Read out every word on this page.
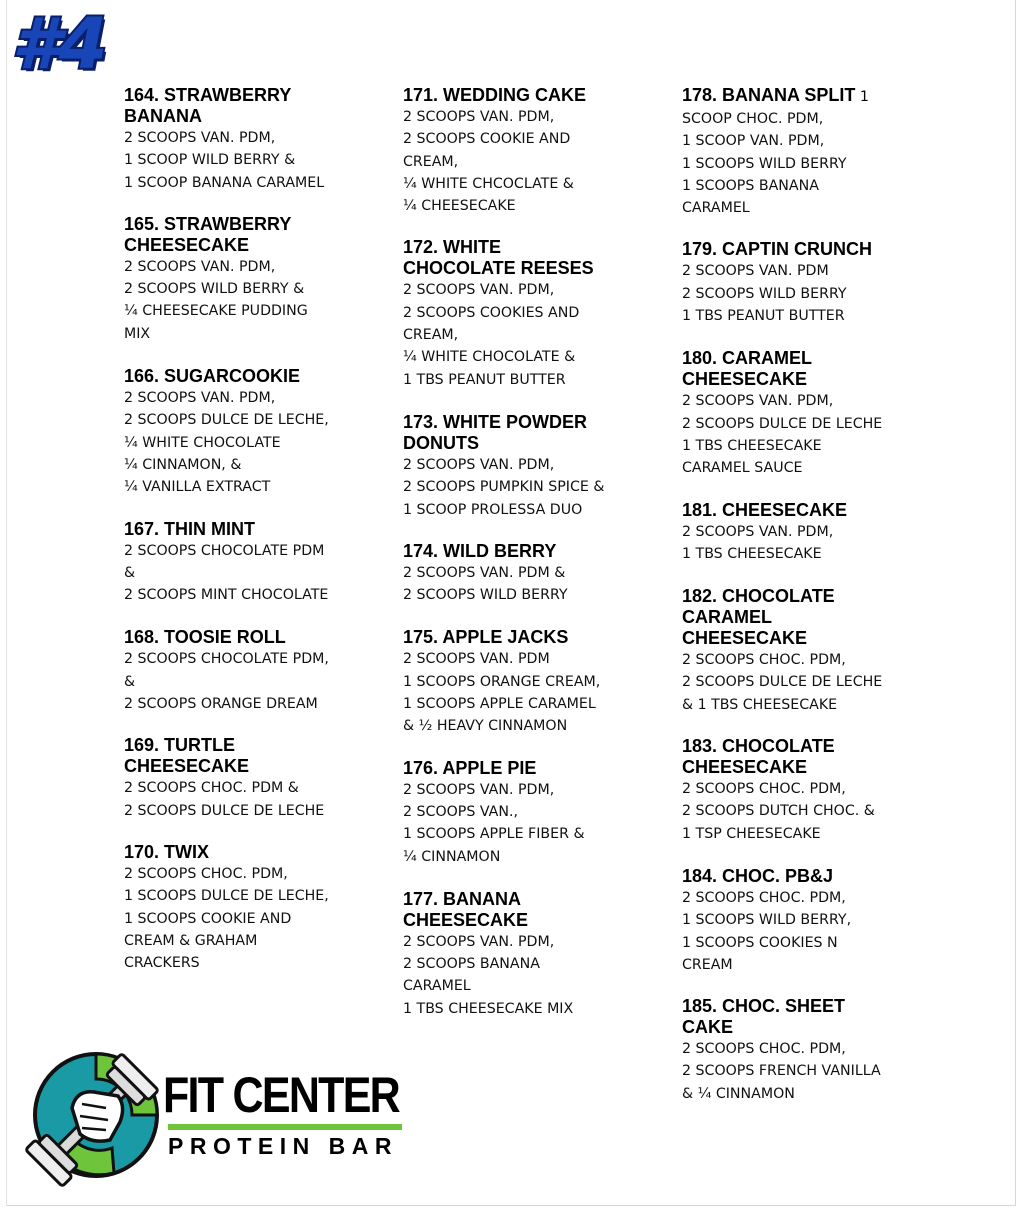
#4
164. STRAWBERRY
BANANA
2 SCOOPS VAN. PDM,
1 SCOOP WILD BERRY &
1 SCOOP BANANA CARAMEL
165. STRAWBERRY
CHEESECAKE
2 SCOOPS VAN. PDM,
2 SCOOPS WILD BERRY &
¼ CHEESECAKE PUDDING
MIX
166. SUGARCOOKIE
2 SCOOPS VAN. PDM,
2 SCOOPS DULCE DE LECHE,
¼ WHITE CHOCOLATE
¼ CINNAMON, &
¼ VANILLA EXTRACT
167. THIN MINT
2 SCOOPS CHOCOLATE PDM
&
2 SCOOPS MINT CHOCOLATE
168. TOOSIE ROLL
2 SCOOPS CHOCOLATE PDM,
&
2 SCOOPS ORANGE DREAM
169. TURTLE
CHEESECAKE
2 SCOOPS CHOC. PDM &
2 SCOOPS DULCE DE LECHE
170. TWIX
2 SCOOPS CHOC. PDM,
1 SCOOPS DULCE DE LECHE,
1 SCOOPS COOKIE AND
CREAM & GRAHAM
CRACKERS
171. WEDDING CAKE
2 SCOOPS VAN. PDM,
2 SCOOPS COOKIE AND
CREAM,
¼ WHITE CHCOCLATE &
¼ CHEESECAKE
172. WHITE
CHOCOLATE REESES
2 SCOOPS VAN. PDM,
2 SCOOPS COOKIES AND
CREAM,
¼ WHITE CHOCOLATE &
1 TBS PEANUT BUTTER
173. WHITE POWDER
DONUTS
2 SCOOPS VAN. PDM,
2 SCOOPS PUMPKIN SPICE &
1 SCOOP PROLESSA DUO
174. WILD BERRY
2 SCOOPS VAN. PDM &
2 SCOOPS WILD BERRY
175. APPLE JACKS
2 SCOOPS VAN. PDM
1 SCOOPS ORANGE CREAM,
1 SCOOPS APPLE CARAMEL
& ½ HEAVY CINNAMON
176. APPLE PIE
2 SCOOPS VAN. PDM,
2 SCOOPS VAN.,
1 SCOOPS APPLE FIBER &
¼ CINNAMON
177. BANANA
CHEESECAKE
2 SCOOPS VAN. PDM,
2 SCOOPS BANANA
CARAMEL
1 TBS CHEESECAKE MIX
178. BANANA SPLIT 1
SCOOP CHOC. PDM,
1 SCOOP VAN. PDM,
1 SCOOPS WILD BERRY
1 SCOOPS BANANA
CARAMEL
179. CAPTIN CRUNCH
2 SCOOPS VAN. PDM
2 SCOOPS WILD BERRY
1 TBS PEANUT BUTTER
180. CARAMEL
CHEESECAKE
2 SCOOPS VAN. PDM,
2 SCOOPS DULCE DE LECHE
1 TBS CHEESECAKE
CARAMEL SAUCE
181. CHEESECAKE
2 SCOOPS VAN. PDM,
1 TBS CHEESECAKE
182. CHOCOLATE
CARAMEL
CHEESECAKE
2 SCOOPS CHOC. PDM,
2 SCOOPS DULCE DE LECHE
& 1 TBS CHEESECAKE
183. CHOCOLATE
CHEESECAKE
2 SCOOPS CHOC. PDM,
2 SCOOPS DUTCH CHOC. &
1 TSP CHEESECAKE
184. CHOC. PB&J
2 SCOOPS CHOC. PDM,
1 SCOOPS WILD BERRY,
1 SCOOPS COOKIES N
CREAM
185. CHOC. SHEET
CAKE
2 SCOOPS CHOC. PDM,
2 SCOOPS FRENCH VANILLA
& ¼ CINNAMON
FIT CENTER
PROTEIN BAR
